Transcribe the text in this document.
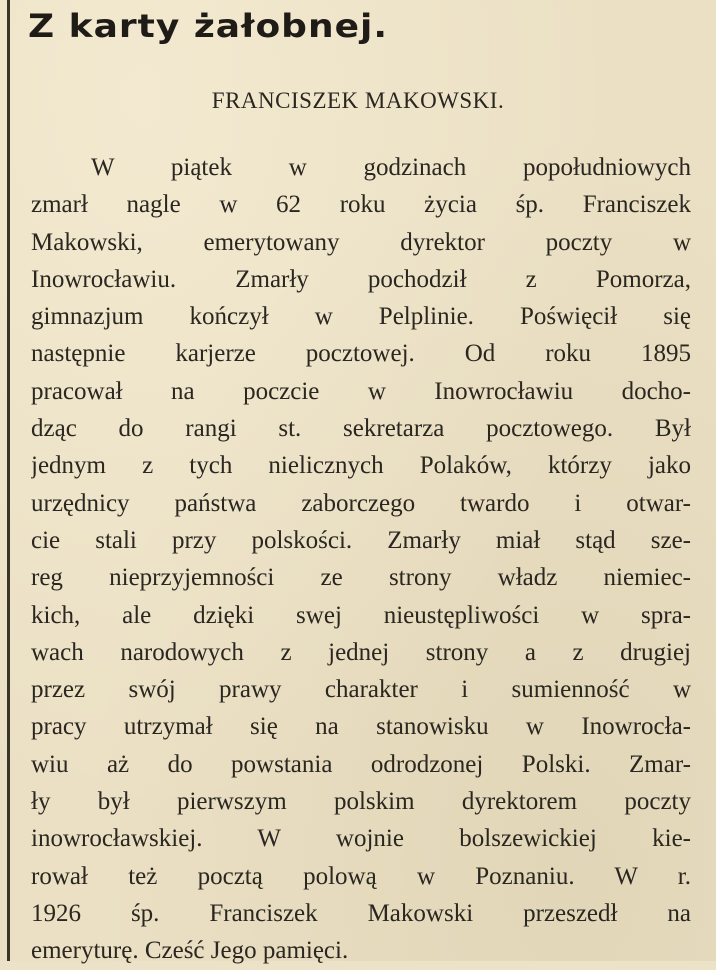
Z karty żałobnej.
FRANCISZEK MAKOWSKI.
W piątek w godzinach popołudniowych
zmarł nagle w 62 roku życia śp. Franciszek
Makowski, emerytowany dyrektor poczty w
Inowrocławiu. Zmarły pochodził z Pomorza,
gimnazjum kończył w Pelplinie. Poświęcił się
następnie karjerze pocztowej. Od roku 1895
pracował na poczcie w Inowrocławiu docho-
dząc do rangi st. sekretarza pocztowego. Był
jednym z tych nielicznych Polaków, którzy jako
urzędnicy państwa zaborczego twardo i otwar-
cie stali przy polskości. Zmarły miał stąd sze-
reg nieprzyjemności ze strony władz niemiec-
kich, ale dzięki swej nieustępliwości w spra-
wach narodowych z jednej strony a z drugiej
przez swój prawy charakter i sumienność w
pracy utrzymał się na stanowisku w Inowrocła-
wiu aż do powstania odrodzonej Polski. Zmar-
ły był pierwszym polskim dyrektorem poczty
inowrocławskiej. W wojnie bolszewickiej kie-
rował też pocztą polową w Poznaniu. W r.
1926 śp. Franciszek Makowski przeszedł na
emeryturę. Cześć Jego pamięci.
